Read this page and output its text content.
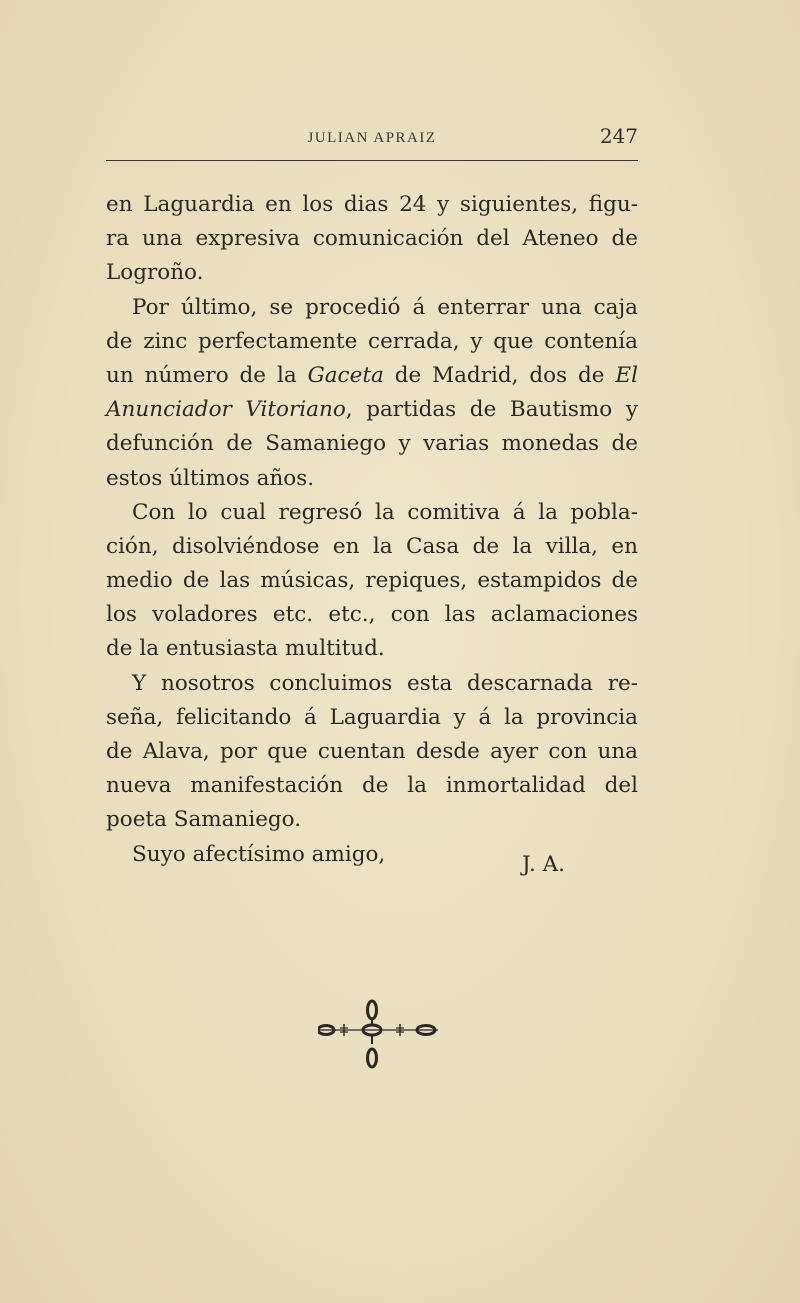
JULIAN APRAIZ	247
en Laguardia en los dias 24 y siguientes, figu-
ra una expresiva comunicación del Ateneo de
Logroño.
Por último, se procedió á enterrar una caja
de zinc perfectamente cerrada, y que contenía
un número de la Gaceta de Madrid, dos de El
Anunciador Vitoriano, partidas de Bautismo y
defunción de Samaniego y varias monedas de
estos últimos años.
Con lo cual regresó la comitiva á la pobla-
ción, disolviéndose en la Casa de la villa, en
medio de las músicas, repiques, estampidos de
los voladores etc. etc., con las aclamaciones
de la entusiasta multitud.
Y nosotros concluimos esta descarnada re-
seña, felicitando á Laguardia y á la provincia
de Alava, por que cuentan desde ayer con una
nueva manifestación de la inmortalidad del
poeta Samaniego.
Suyo afectísimo amigo,	J. A.
